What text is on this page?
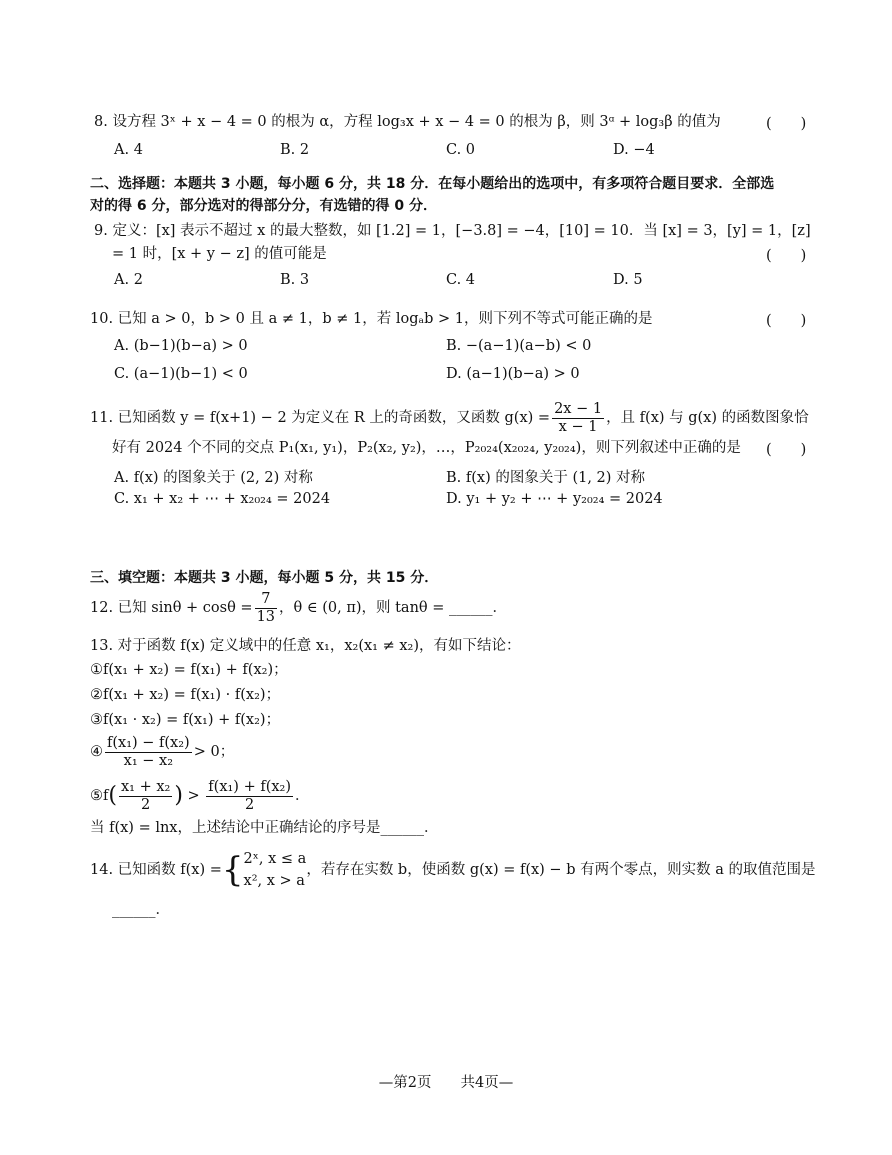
8. 设方程 3ˣ + x − 4 = 0 的根为 α，方程 log₃x + x − 4 = 0 的根为 β，则 3ᵅ + log₃β 的值为	(　　)
A. 4	B. 2	C. 0	D. −4
二、选择题：本题共 3 小题，每小题 6 分，共 18 分．在每小题给出的选项中，有多项符合题目要求．全部选
对的得 6 分，部分选对的得部分分，有选错的得 0 分．
9. 定义：[x] 表示不超过 x 的最大整数，如 [1.2] = 1，[−3.8] = −4，[10] = 10．当 [x] = 3，[y] = 1，[z]
= 1 时，[x + y − z] 的值可能是	(　　)
A. 2	B. 3	C. 4	D. 5
10. 已知 a > 0，b > 0 且 a ≠ 1，b ≠ 1，若 logₐb > 1，则下列不等式可能正确的是	(　　)
A. (b−1)(b−a) > 0	B. −(a−1)(a−b) < 0
C. (a−1)(b−1) < 0	D. (a−1)(b−a) > 0
11. 已知函数 y = f(x+1) − 2 为定义在 R 上的奇函数，又函数 $g(x) = \frac{2x - 1}{x - 1}$ ，且 f(x) 与 g(x) 的函数图象恰
好有 2024 个不同的交点 P₁(x₁, y₁)，P₂(x₂, y₂)，…，P₂₀₂₄(x₂₀₂₄, y₂₀₂₄)，则下列叙述中正确的是 (　　)
A. f(x) 的图象关于 (2, 2) 对称	B. f(x) 的图象关于 (1, 2) 对称
C. x₁ + x₂ + ⋯ + x₂₀₂₄ = 2024	D. y₁ + y₂ + ⋯ + y₂₀₂₄ = 2024
三、填空题：本题共 3 小题，每小题 5 分，共 15 分．
12. 已知 $\sin\theta + \cos\theta = \frac{7}{13}$ ，θ ∈ (0, π)，则 tanθ = ______．
13. 对于函数 f(x) 定义域中的任意 x₁，x₂(x₁ ≠ x₂)，有如下结论：
①f(x₁ + x₂) = f(x₁) + f(x₂)；
②f(x₁ + x₂) = f(x₁) · f(x₂)；
③f(x₁ · x₂) = f(x₁) + f(x₂)；
④ $\frac{\text{f(x₁) − f(x₂)}}{\text{x₁ − x₂}} > 0$；
⑤f( $\frac{\text{x₁ + x₂}}{2}$ ) > $\frac{\text{f(x₁) + f(x₂)}}{2}$ ．
当 f(x) = lnx，上述结论中正确结论的序号是______．
14. 已知函数 f(x) ={ 2ˣ, x ≤ a
x², x > a
，若存在实数 b，使函数 g(x) = f(x) − b 有两个零点，则实数 a 的取值范围是
______．
—第2页　　共4页—
